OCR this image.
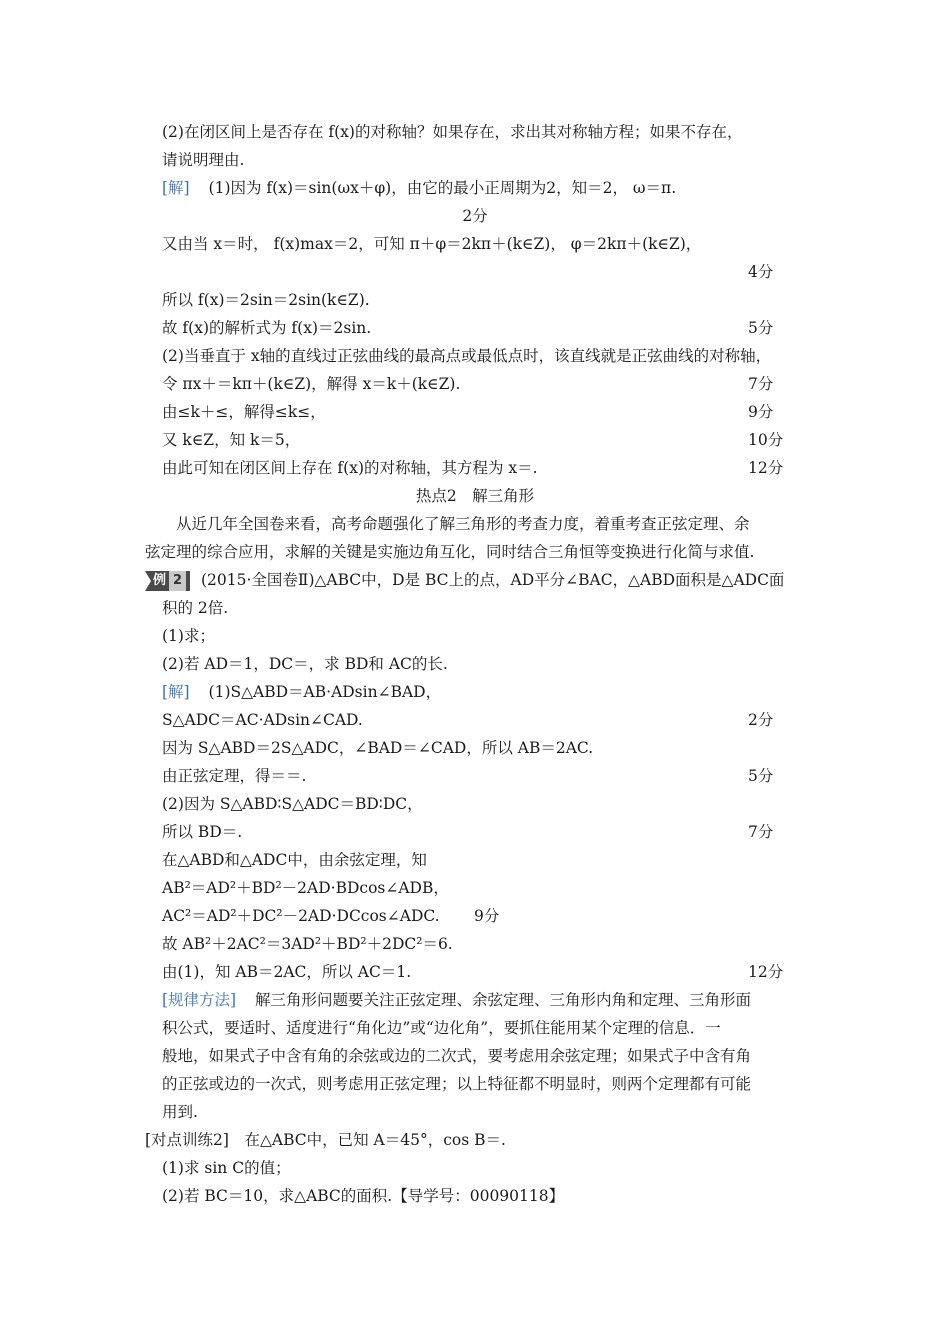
(2)在闭区间上是否存在 f(x)的对称轴？如果存在，求出其对称轴方程；如果不存在，
请说明理由.
[解] (1)因为 f(x)＝sin(ωx＋φ)，由它的最小正周期为2，知＝2， ω＝π.
2分
又由当 x＝时， f(x)max＝2，可知 π＋φ＝2kπ＋(k∈Z)， φ＝2kπ＋(k∈Z)，
4分
所以 f(x)＝2sin＝2sin(k∈Z).
故 f(x)的解析式为 f(x)＝2sin.	5分
(2)当垂直于 x轴的直线过正弦曲线的最高点或最低点时，该直线就是正弦曲线的对称轴，
令 πx＋＝kπ＋(k∈Z)，解得 x＝k＋(k∈Z).	7分
由≤k＋≤，解得≤k≤，	9分
又 k∈Z，知 k＝5，	10分
由此可知在闭区间上存在 f(x)的对称轴，其方程为 x＝.	12分
热点2　解三角形
从近几年全国卷来看，高考命题强化了解三角形的考查力度，着重考查正弦定理、余
弦定理的综合应用，求解的关键是实施边角互化，同时结合三角恒等变换进行化简与求值.
例 2 (2015·全国卷Ⅱ)△ABC中，D是 BC上的点，AD平分∠BAC，△ABD面积是△ADC面
积的 2倍.
(1)求；
(2)若 AD＝1，DC＝，求 BD和 AC的长.
[解] (1)S△ABD＝AB·ADsin∠BAD，
S△ADC＝AC·ADsin∠CAD.	2分
因为 S△ABD＝2S△ADC，∠BAD＝∠CAD，所以 AB＝2AC.
由正弦定理，得＝＝.	5分
(2)因为 S△ABD∶S△ADC＝BD∶DC，
所以 BD＝.	7分
在△ABD和△ADC中，由余弦定理，知
AB²＝AD²＋BD²－2AD·BDcos∠ADB，
AC²＝AD²＋DC²－2AD·DCcos∠ADC. 9分
故 AB²＋2AC²＝3AD²＋BD²＋2DC²＝6.
由(1)，知 AB＝2AC，所以 AC＝1.	12分
[规律方法] 解三角形问题要关注正弦定理、余弦定理、三角形内角和定理、三角形面
积公式，要适时、适度进行“角化边”或“边化角”，要抓住能用某个定理的信息．一
般地，如果式子中含有角的余弦或边的二次式，要考虑用余弦定理；如果式子中含有角
的正弦或边的一次式，则考虑用正弦定理；以上特征都不明显时，则两个定理都有可能
用到.
[对点训练2]　在△ABC中，已知 A＝45°，cos B＝.
(1)求 sin C的值；
(2)若 BC＝10，求△ABC的面积.【导学号：00090118】
